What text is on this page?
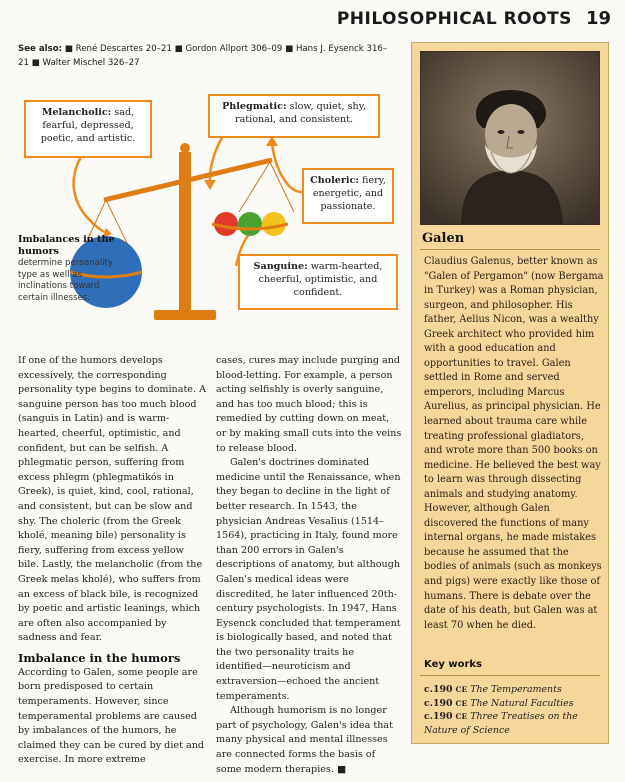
PHILOSOPHICAL ROOTS 19
See also: ■ René Descartes 20–21 ■ Gordon Allport 306–09 ■ Hans J. Eysenck 316–21 ■ Walter Mischel 326–27
Melancholic: sad, fearful, depressed, poetic, and artistic.
Phlegmatic: slow, quiet, shy, rational, and consistent.
Choleric: fiery, energetic, and passionate.
Sanguine: warm-hearted, cheerful, optimistic, and confident.
Imbalances in the humors
determine personality type as well as inclinations toward certain illnesses.

If one of the humors develops excessively, the corresponding personality type begins to dominate. A sanguine person has too much blood (sanguis in Latin) and is warm-hearted, cheerful, optimistic, and confident, but can be selfish. A phlegmatic person, suffering from excess phlegm (phlegmatikós in Greek), is quiet, kind, cool, rational, and consistent, but can be slow and shy. The choleric (from the Greek kholé, meaning bile) personality is fiery, suffering from excess yellow bile. Lastly, the melancholic (from the Greek melas kholé), who suffers from an excess of black bile, is recognized by poetic and artistic leanings, which are often also accompanied by sadness and fear.

Imbalance in the humors

According to Galen, some people are born predisposed to certain temperaments. However, since temperamental problems are caused by imbalances of the humors, he claimed they can be cured by diet and exercise. In more extreme

cases, cures may include purging and blood-letting. For example, a person acting selfishly is overly sanguine, and has too much blood; this is remedied by cutting down on meat, or by making small cuts into the veins to release blood.

Galen's doctrines dominated medicine until the Renaissance, when they began to decline in the light of better research. In 1543, the physician Andreas Vesalius (1514–1564), practicing in Italy, found more than 200 errors in Galen's descriptions of anatomy, but although Galen's medical ideas were discredited, he later influenced 20th-century psychologists. In 1947, Hans Eysenck concluded that temperament is biologically based, and noted that the two personality traits he identified—neuroticism and extraversion—echoed the ancient temperaments.

Although humorism is no longer part of psychology, Galen's idea that many physical and mental illnesses are connected forms the basis of some modern therapies. ■

Galen
Claudius Galenus, better known as "Galen of Pergamon" (now Bergama in Turkey) was a Roman physician, surgeon, and philosopher. His father, Aelius Nicon, was a wealthy Greek architect who provided him with a good education and opportunities to travel. Galen settled in Rome and served emperors, including Marcus Aurelius, as principal physician. He learned about trauma care while treating professional gladiators, and wrote more than 500 books on medicine. He believed the best way to learn was through dissecting animals and studying anatomy. However, although Galen discovered the functions of many internal organs, he made mistakes because he assumed that the bodies of animals (such as monkeys and pigs) were exactly like those of humans. There is debate over the date of his death, but Galen was at least 70 when he died.
Key works
c.190 CE The Temperaments
c.190 CE The Natural Faculties
c.190 CE Three Treatises on the Nature of Science
